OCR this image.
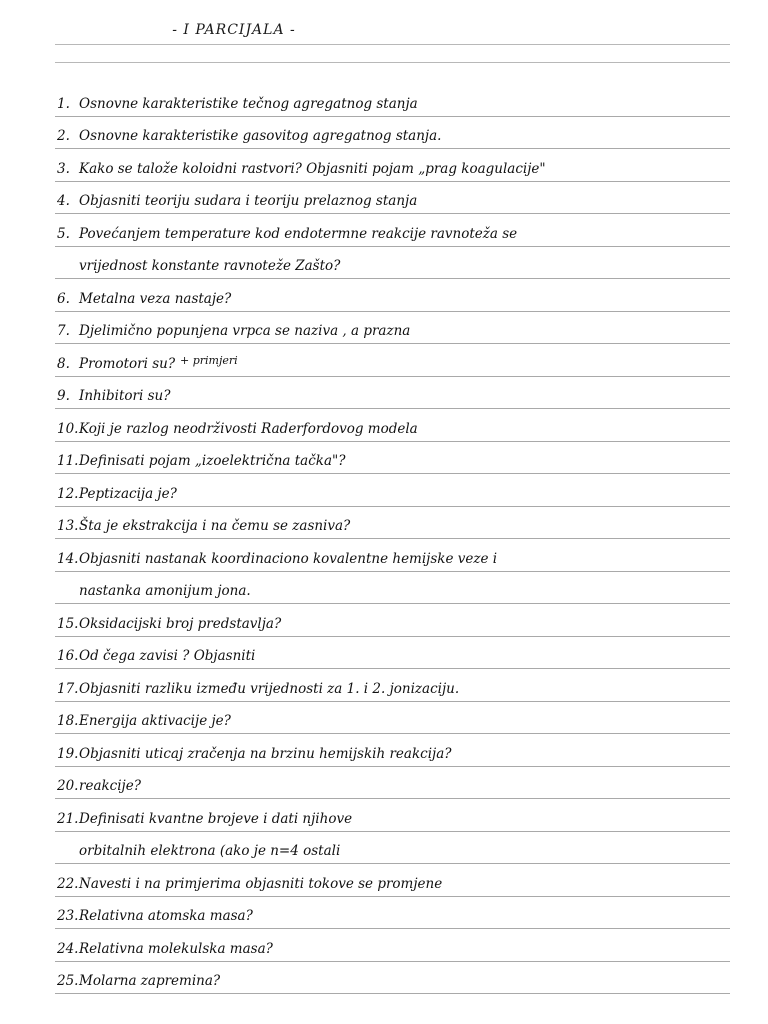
- I PARCIJALA -
+ primjeri
1. Osnovne karakteristike tečnog agregatnog stanja
2. Osnovne karakteristike gasovitog agregatnog stanja.
3. Kako se talože koloidni rastvori? Objasniti pojam „prag koagulacije"
4. Objasniti teoriju sudara i teoriju prelaznog stanja
5. Povećanjem temperature kod endotermne reakcije ravnoteža se
vrijednost konstante ravnoteže Zašto?
6. Metalna veza nastaje?
7. Djelimično popunjena vrpca se naziva , a prazna
8. Promotori su?
9. Inhibitori su?
10. Koji je razlog neodrživosti Raderfordovog modela
11. Definisati pojam „izoelektrična tačka"?
12. Peptizacija je?
13. Šta je ekstrakcija i na čemu se zasniva?
14. Objasniti nastanak koordinaciono kovalentne hemijske veze i
nastanka amonijum jona.
15. Oksidacijski broj predstavlja?
16. Od čega zavisi ? Objasniti
17. Objasniti razliku između vrijednosti za 1. i 2. jonizaciju.
18. Energija aktivacije je?
19. Objasniti uticaj zračenja na brzinu hemijskih reakcija?
20. reakcije?
21. Definisati kvantne brojeve i dati njihove
orbitalnih elektrona (ako je n=4 ostali
22. Navesti i na primjerima objasniti tokove se promjene
23. Relativna atomska masa?
24. Relativna molekulska masa?
25. Molarna zapremina?
